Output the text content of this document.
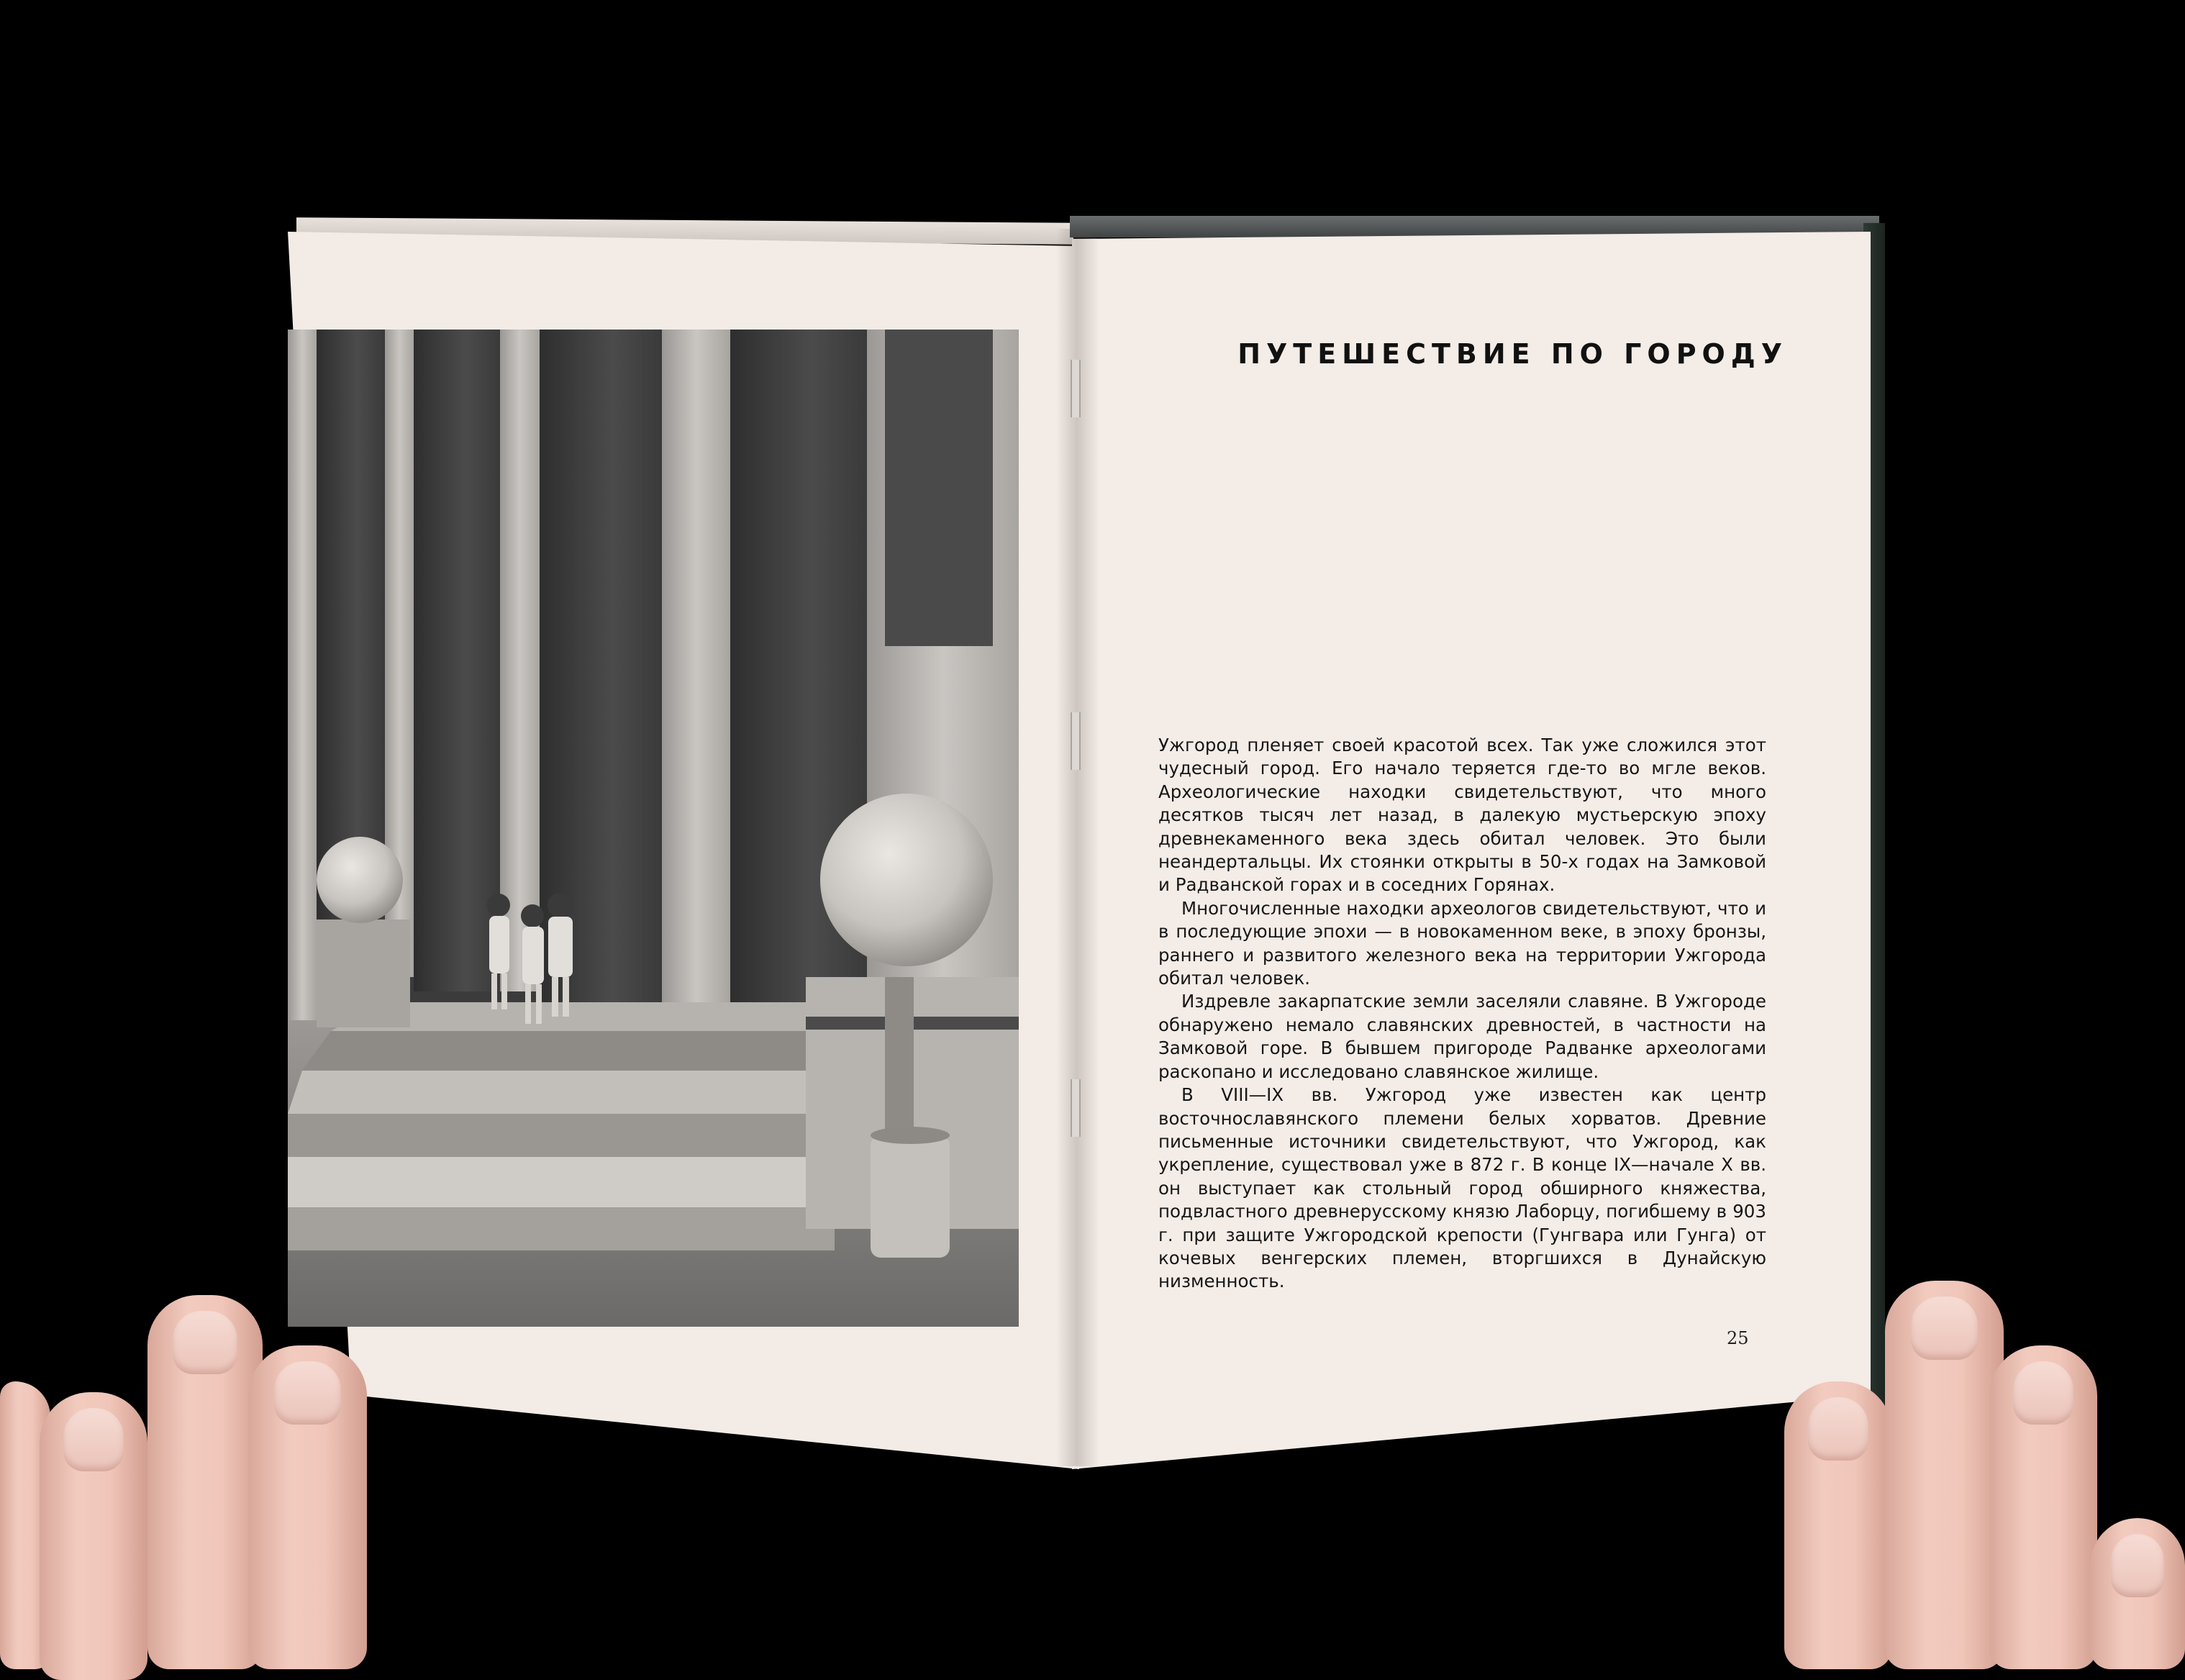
ПУТЕШЕСТВИЕ ПО ГОРОДУ

Ужгород пленяет своей красотой всех. Так уже сложился этот чудесный город. Его начало теряется где-то во мгле веков. Археологические находки свидетельствуют, что много десятков тысяч лет назад, в далекую мустьерскую эпоху древнекаменного века здесь обитал человек. Это были неандертальцы. Их стоянки открыты в 50-х годах на Замковой и Радванской горах и в соседних Горянах.

Многочисленные находки археологов свидетельствуют, что и в последующие эпохи — в новокаменном веке, в эпоху бронзы, раннего и развитого железного века на территории Ужгорода обитал человек.

Издревле закарпатские земли заселяли славяне. В Ужгороде обнаружено немало славянских древностей, в частности на Замковой горе. В бывшем пригороде Радванке археологами раскопано и исследовано славянское жилище.

В VIII—IX вв. Ужгород уже известен как центр восточнославянского племени белых хорватов. Древние письменные источники свидетельствуют, что Ужгород, как укрепление, существовал уже в 872 г. В конце IX—начале X вв. он выступает как стольный город обширного княжества, подвластного древнерусскому князю Лаборцу, погибшему в 903 г. при защите Ужгородской крепости (Гунгвара или Гунга) от кочевых венгерских племен, вторгшихся в Дунайскую низменность.

25
